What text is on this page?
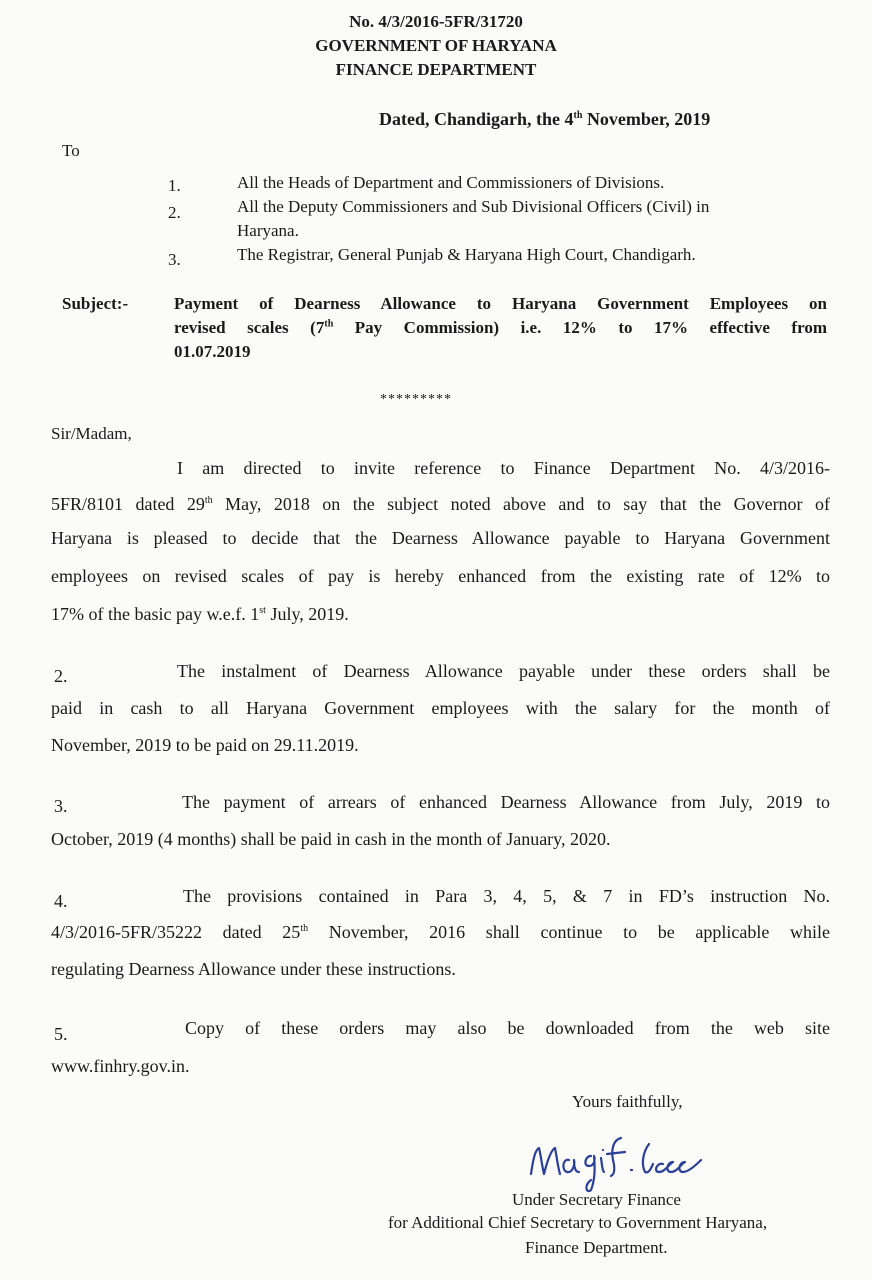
No. 4/3/2016-5FR/31720
GOVERNMENT OF HARYANA
FINANCE DEPARTMENT
Dated, Chandigarh, the 4th November, 2019
To
1.	All the Heads of Department and Commissioners of Divisions.
2.	All the Deputy Commissioners and Sub Divisional Officers (Civil) in
Haryana.
3.	The Registrar, General Punjab & Haryana High Court, Chandigarh.
Subject:-	Payment of Dearness Allowance to Haryana Government Employees on
revised scales (7th Pay Commission) i.e. 12% to 17% effective from
01.07.2019
*********
Sir/Madam,
I am directed to invite reference to Finance Department No. 4/3/2016-
5FR/8101 dated 29th May, 2018 on the subject noted above and to say that the Governor of
Haryana is pleased to decide that the Dearness Allowance payable to Haryana Government
employees on revised scales of pay is hereby enhanced from the existing rate of 12% to
17% of the basic pay w.e.f. 1st July, 2019.
2.	The instalment of Dearness Allowance payable under these orders shall be
paid in cash to all Haryana Government employees with the salary for the month of
November, 2019 to be paid on 29.11.2019.
3.	The payment of arrears of enhanced Dearness Allowance from July, 2019 to
October, 2019 (4 months) shall be paid in cash in the month of January, 2020.
4.	The provisions contained in Para 3, 4, 5, & 7 in FD’s instruction No.
4/3/2016-5FR/35222 dated 25th November, 2016 shall continue to be applicable while
regulating Dearness Allowance under these instructions.
5.	Copy of these orders may also be downloaded from the web site
www.finhry.gov.in.
Yours faithfully,
Under Secretary Finance
for Additional Chief Secretary to Government Haryana,
Finance Department.
